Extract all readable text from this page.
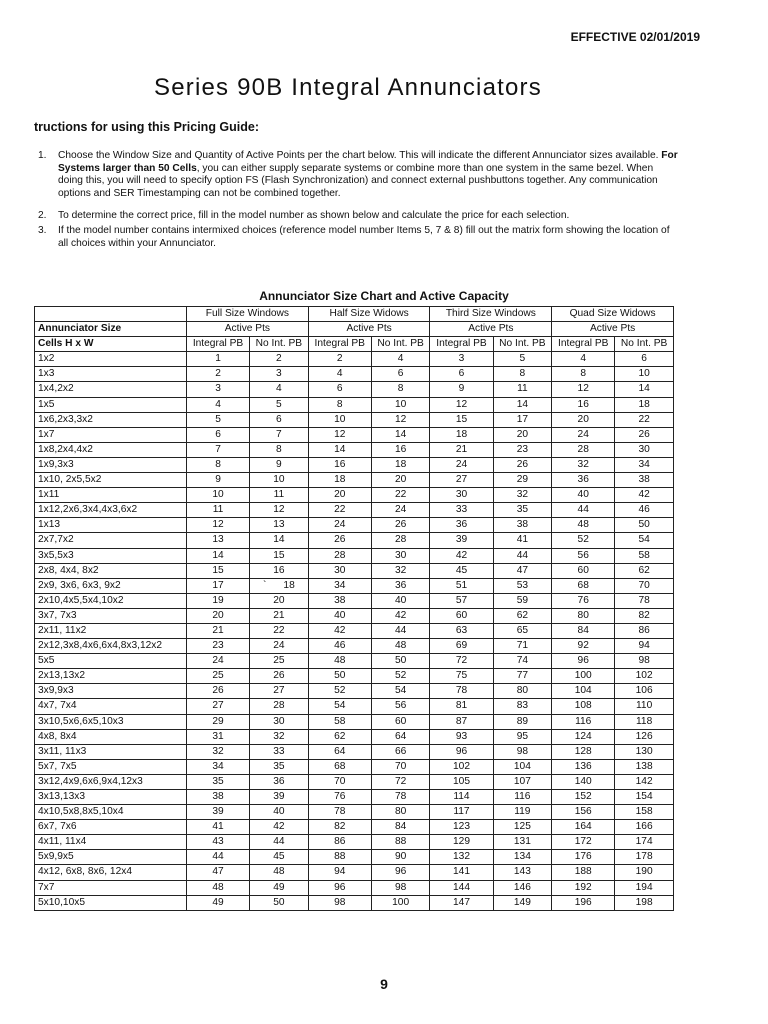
EFFECTIVE 02/01/2019
Series 90B Integral Annunciators
tructions for using this Pricing Guide:
1.	Choose the Window Size and Quantity of Active Points per the chart below. This will indicate the different Annunciator sizes available. For Systems larger than 50 Cells, you can either supply separate systems or combine more than one system in the same bezel. When doing this, you will need to specify option FS (Flash Synchronization) and connect external pushbuttons together. Any communication options and SER Timestamping can not be combined together.
2.	To determine the correct price, fill in the model number as shown below and calculate the price for each selection.
3.	If the model number contains intermixed choices (reference model number Items 5, 7 & 8) fill out the matrix form showing the location of all choices within your Annunciator.
Annunciator Size Chart and Active Capacity
	Full Size Windows		Half Size Widows		Third Size Windows		Quad Size Widows	
Annunciator Size	Active Pts		Active Pts		Active Pts		Active Pts	
Cells H x W	Integral PB	No Int. PB	Integral PB	No Int. PB	Integral PB	No Int. PB	Integral PB	No Int. PB
1x2	1	2	2	4	3	5	4	6
1x3	2	3	4	6	6	8	8	10
1x4,2x2	3	4	6	8	9	11	12	14
1x5	4	5	8	10	12	14	16	18
1x6,2x3,3x2	5	6	10	12	15	17	20	22
1x7	6	7	12	14	18	20	24	26
1x8,2x4,4x2	7	8	14	16	21	23	28	30
1x9,3x3	8	9	16	18	24	26	32	34
1x10, 2x5,5x2	9	10	18	20	27	29	36	38
1x11	10	11	20	22	30	32	40	42
1x12,2x6,3x4,4x3,6x2	11	12	22	24	33	35	44	46
1x13	12	13	24	26	36	38	48	50
2x7,7x2	13	14	26	28	39	41	52	54
3x5,5x3	14	15	28	30	42	44	56	58
2x8, 4x4, 8x2	15	16	30	32	45	47	60	62
2x9, 3x6, 6x3, 9x2	17	`      18	34	36	51	53	68	70
2x10,4x5,5x4,10x2	19	20	38	40	57	59	76	78
3x7, 7x3	20	21	40	42	60	62	80	82
2x11, 11x2	21	22	42	44	63	65	84	86
2x12,3x8,4x6,6x4,8x3,12x2	23	24	46	48	69	71	92	94
5x5	24	25	48	50	72	74	96	98
2x13,13x2	25	26	50	52	75	77	100	102
3x9,9x3	26	27	52	54	78	80	104	106
4x7, 7x4	27	28	54	56	81	83	108	110
3x10,5x6,6x5,10x3	29	30	58	60	87	89	116	118
4x8, 8x4	31	32	62	64	93	95	124	126
3x11, 11x3	32	33	64	66	96	98	128	130
5x7, 7x5	34	35	68	70	102	104	136	138
3x12,4x9,6x6,9x4,12x3	35	36	70	72	105	107	140	142
3x13,13x3	38	39	76	78	114	116	152	154
4x10,5x8,8x5,10x4	39	40	78	80	117	119	156	158
6x7, 7x6	41	42	82	84	123	125	164	166
4x11, 11x4	43	44	86	88	129	131	172	174
5x9,9x5	44	45	88	90	132	134	176	178
4x12, 6x8, 8x6, 12x4	47	48	94	96	141	143	188	190
7x7	48	49	96	98	144	146	192	194
5x10,10x5	49	50	98	100	147	149	196	198
9
